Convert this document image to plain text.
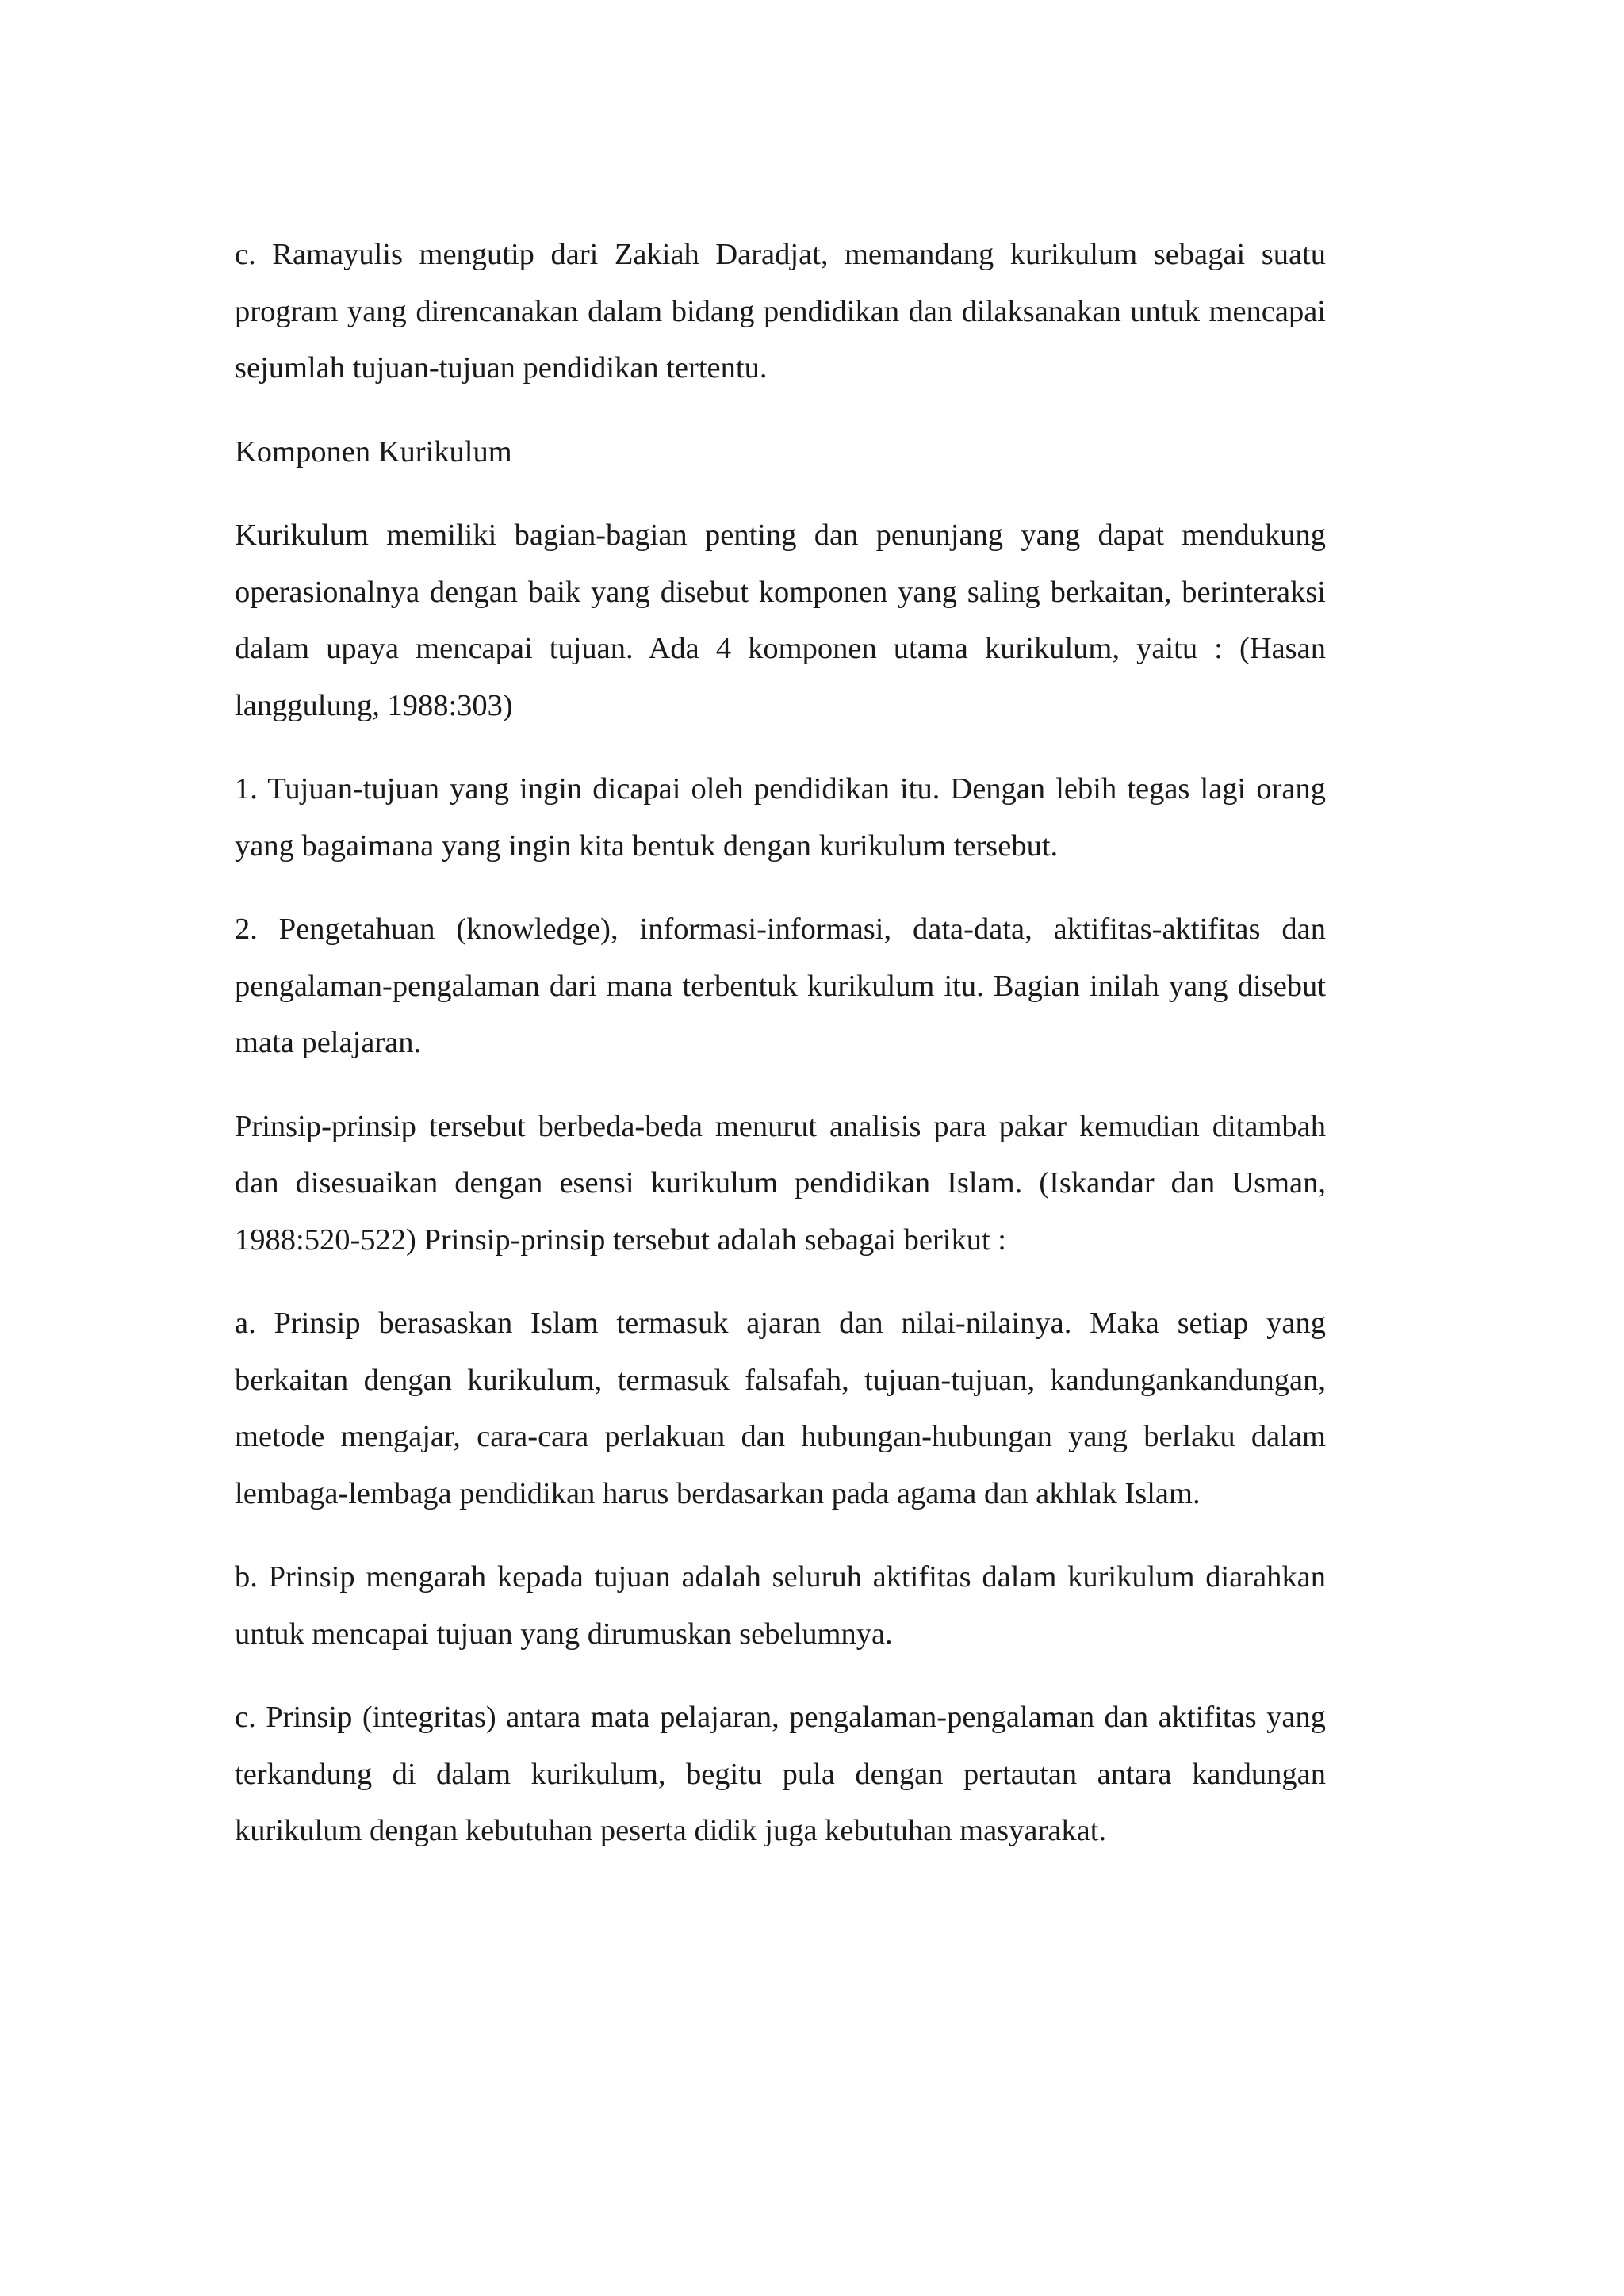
c. Ramayulis mengutip dari Zakiah Daradjat, memandang kurikulum sebagai suatu program yang direncanakan dalam bidang pendidikan dan dilaksanakan untuk mencapai sejumlah tujuan-tujuan pendidikan tertentu.

Komponen Kurikulum

Kurikulum memiliki bagian-bagian penting dan penunjang yang dapat mendukung operasionalnya dengan baik yang disebut komponen yang saling berkaitan, berinteraksi dalam upaya mencapai tujuan. Ada 4 komponen utama kurikulum, yaitu : (Hasan langgulung, 1988:303)

1. Tujuan-tujuan yang ingin dicapai oleh pendidikan itu. Dengan lebih tegas lagi orang yang bagaimana yang ingin kita bentuk dengan kurikulum tersebut.

2. Pengetahuan (knowledge), informasi-informasi, data-data, aktifitas-aktifitas dan pengalaman-pengalaman dari mana terbentuk kurikulum itu. Bagian inilah yang disebut mata pelajaran.

Prinsip-prinsip tersebut berbeda-beda menurut analisis para pakar kemudian ditambah dan disesuaikan dengan esensi kurikulum pendidikan Islam. (Iskandar dan Usman, 1988:520-522) Prinsip-prinsip tersebut adalah sebagai berikut :

a. Prinsip berasaskan Islam termasuk ajaran dan nilai-nilainya. Maka setiap yang berkaitan dengan kurikulum, termasuk falsafah, tujuan-tujuan, kandungankandungan, metode mengajar, cara-cara perlakuan dan hubungan-hubungan yang berlaku dalam lembaga-lembaga pendidikan harus berdasarkan pada agama dan akhlak Islam.

b. Prinsip mengarah kepada tujuan adalah seluruh aktifitas dalam kurikulum diarahkan untuk mencapai tujuan yang dirumuskan sebelumnya.

c. Prinsip (integritas) antara mata pelajaran, pengalaman-pengalaman dan aktifitas yang terkandung di dalam kurikulum, begitu pula dengan pertautan antara kandungan kurikulum dengan kebutuhan peserta didik juga kebutuhan masyarakat.
